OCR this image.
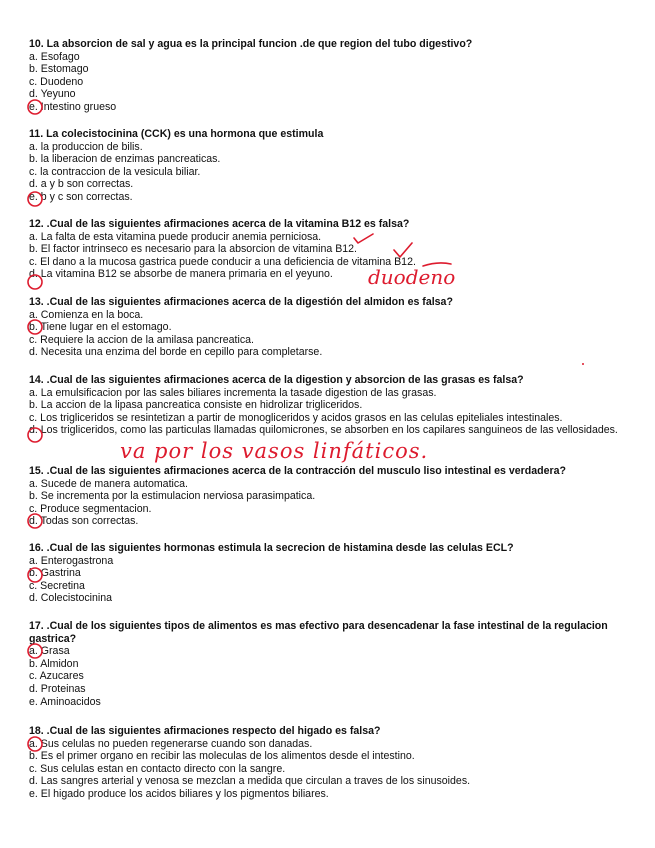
10. La absorcion de sal y agua es la principal funcion .de que region del tubo digestivo?
a. Esofago
b. Estomago
c. Duodeno
d. Yeyuno
e. Intestino grueso
11. La colecistocinina (CCK) es una hormona que estimula
a. la produccion de bilis.
b. la liberacion de enzimas pancreaticas.
c. la contraccion de la vesicula biliar.
d. a y b son correctas.
e. b y c son correctas.
12. .Cual de las siguientes afirmaciones acerca de la vitamina B12 es falsa?
a. La falta de esta vitamina puede producir anemia perniciosa.
b. El factor intrinseco es necesario para la absorcion de vitamina B12.
c. El dano a la mucosa gastrica puede conducir a una deficiencia de vitamina B12.
d. La vitamina B12 se absorbe de manera primaria en el yeyuno.
13. .Cual de las siguientes afirmaciones acerca de la digestión del almidon es falsa?
a. Comienza en la boca.
b. Tiene lugar en el estomago.
c. Requiere la accion de la amilasa pancreatica.
d. Necesita una enzima del borde en cepillo para completarse.
14. .Cual de las siguientes afirmaciones acerca de la digestion y absorcion de las grasas es falsa?
a. La emulsificacion por las sales biliares incrementa la tasade digestion de las grasas.
b. La accion de la lipasa pancreatica consiste en hidrolizar trigliceridos.
c. Los trigliceridos se resintetizan a partir de monogliceridos y acidos grasos en las celulas epiteliales intestinales.
d. Los trigliceridos, como las particulas llamadas quilomicrones, se absorben en los capilares sanguineos de las vellosidades.
15. .Cual de las siguientes afirmaciones acerca de la contracción del musculo liso intestinal es verdadera?
a. Sucede de manera automatica.
b. Se incrementa por la estimulacion nerviosa parasimpatica.
c. Produce segmentacion.
d. Todas son correctas.
16. .Cual de las siguientes hormonas estimula la secrecion de histamina desde las celulas ECL?
a. Enterogastrona
b. Gastrina
c. Secretina
d. Colecistocinina
17. .Cual de los siguientes tipos de alimentos es mas efectivo para desencadenar la fase intestinal de la regulacion gastrica?
a. Grasa
b. Almidon
c. Azucares
d. Proteinas
e. Aminoacidos
18. .Cual de las siguientes afirmaciones respecto del higado es falsa?
a. Sus celulas no pueden regenerarse cuando son danadas.
b. Es el primer organo en recibir las moleculas de los alimentos desde el intestino.
c. Sus celulas estan en contacto directo con la sangre.
d. Las sangres arterial y venosa se mezclan a medida que circulan a traves de los sinusoides.
e. El higado produce los acidos biliares y los pigmentos biliares.
duodeno
va por los vasos linfáticos.
